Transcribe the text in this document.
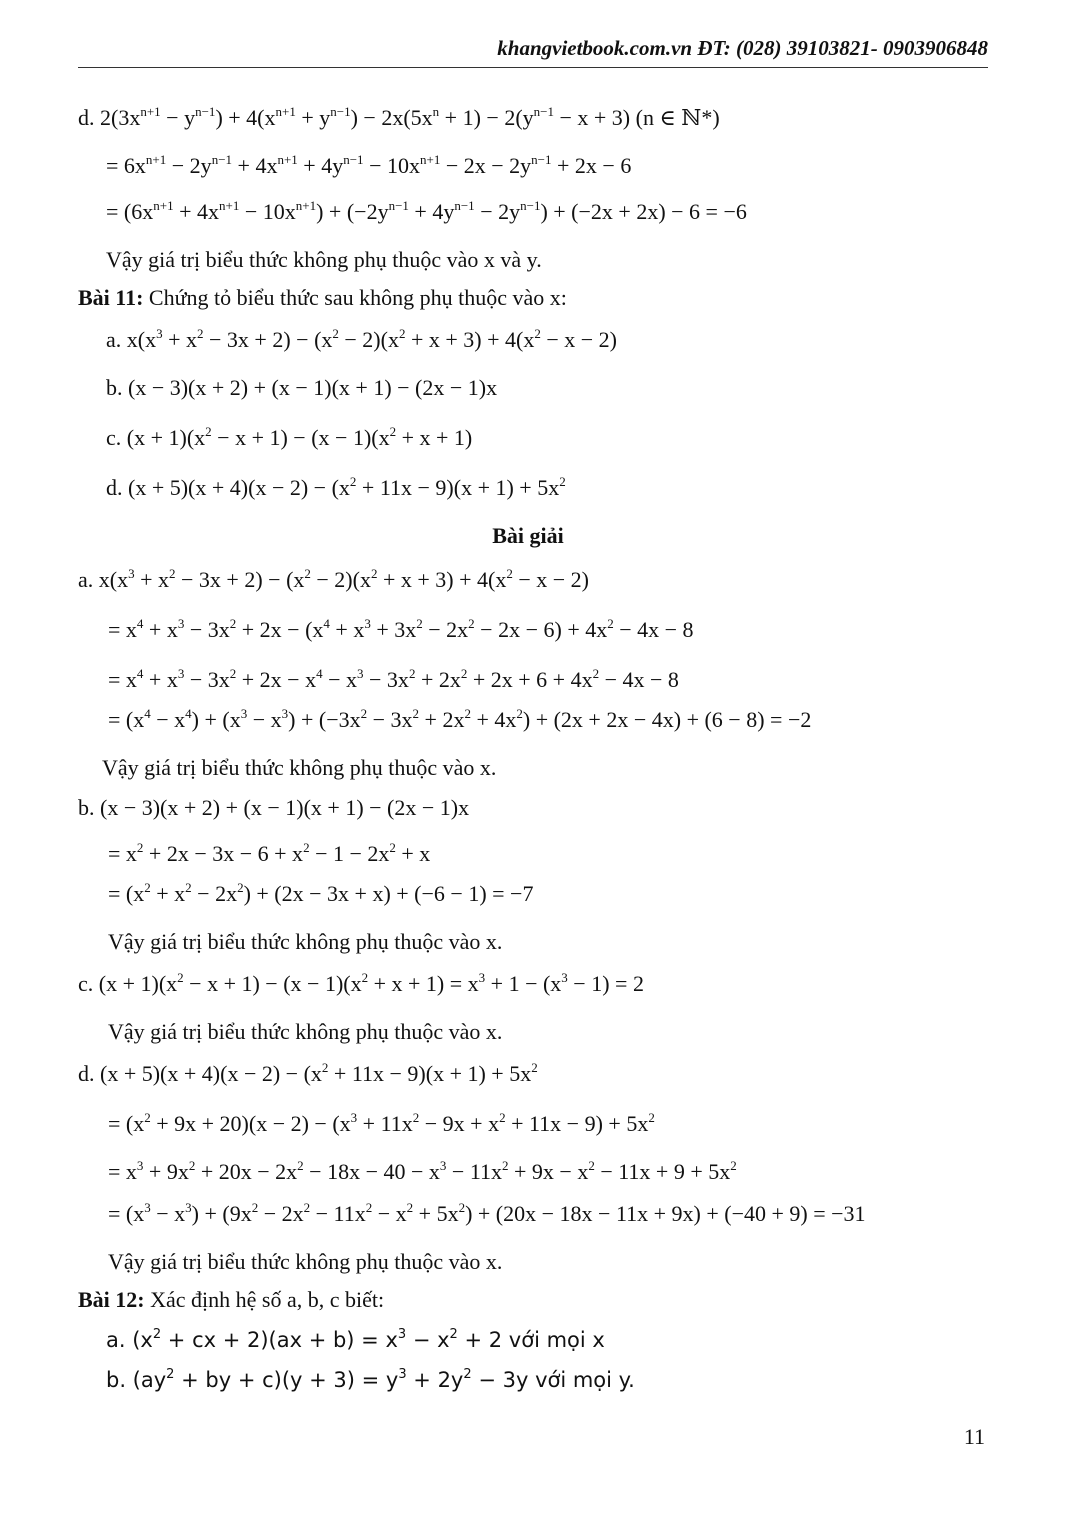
khangvietbook.com.vn ĐT: (028) 39103821- 0903906848
d. $2(3x^{n+1} - y^{n-1}) + 4(x^{n+1} + y^{n-1}) - 2x(5x^n + 1) - 2(y^{n-1} - x + 3)$ (n ∈ ℕ*)
= $6x^{n+1} - 2y^{n-1} + 4x^{n+1} + 4y^{n-1} - 10x^{n+1} - 2x - 2y^{n-1} + 2x - 6$
= $(6x^{n+1} + 4x^{n+1} - 10x^{n+1}) + (-2y^{n-1} + 4y^{n-1} - 2y^{n-1}) + (-2x + 2x) - 6 = -6$
Vậy giá trị biểu thức không phụ thuộc vào x và y.
Bài 11: Chứng tỏ biểu thức sau không phụ thuộc vào x:
a. $x(x^3 + x^2 - 3x + 2) - (x^2 - 2)(x^2 + x + 3) + 4(x^2 - x - 2)$
b. (x − 3)(x + 2) + (x − 1)(x + 1) − (2x − 1)x
c. $(x + 1)(x^2 - x + 1) - (x - 1)(x^2 + x + 1)$
d. $(x + 5)(x + 4)(x - 2) - (x^2 + 11x - 9)(x + 1) + 5x^2$
Bài giải
a. $x(x^3 + x^2 - 3x + 2) - (x^2 - 2)(x^2 + x + 3) + 4(x^2 - x - 2)$
= $x^4 + x^3 - 3x^2 + 2x - (x^4 + x^3 + 3x^2 - 2x^2 - 2x - 6) + 4x^2 - 4x - 8$
= $x^4 + x^3 - 3x^2 + 2x - x^4 - x^3 - 3x^2 + 2x^2 + 2x + 6 + 4x^2 - 4x - 8$
= $(x^4 - x^4) + (x^3 - x^3) + (-3x^2 - 3x^2 + 2x^2 + 4x^2) + (2x + 2x - 4x) + (6 - 8) = -2$
Vậy giá trị biểu thức không phụ thuộc vào x.
b. (x − 3)(x + 2) + (x − 1)(x + 1) − (2x − 1)x
= $x^2 + 2x - 3x - 6 + x^2 - 1 - 2x^2 + x$
= $(x^2 + x^2 - 2x^2) + (2x - 3x + x) + (-6 - 1) = -7$
Vậy giá trị biểu thức không phụ thuộc vào x.
c. $(x + 1)(x^2 - x + 1) - (x - 1)(x^2 + x + 1) = x^3 + 1 - (x^3 - 1) = 2$
Vậy giá trị biểu thức không phụ thuộc vào x.
d. $(x + 5)(x + 4)(x - 2) - (x^2 + 11x - 9)(x + 1) + 5x^2$
= $(x^2 + 9x + 20)(x - 2) - (x^3 + 11x^2 - 9x + x^2 + 11x - 9) + 5x^2$
= $x^3 + 9x^2 + 20x - 2x^2 - 18x - 40 - x^3 - 11x^2 + 9x - x^2 - 11x + 9 + 5x^2$
= $(x^3 - x^3) + (9x^2 - 2x^2 - 11x^2 - x^2 + 5x^2) + (20x - 18x - 11x + 9x) + (-40 + 9) = -31$
Vậy giá trị biểu thức không phụ thuộc vào x.
Bài 12: Xác định hệ số a, b, c biết:
a. ($x^2$ + cx + $2)(ax + b) = x^3 - x^2 + 2$ với mọi x
b. ($ay^2$ + by + $c)(y + 3) = y^3 + 2y^2 - 3y$ với mọi y.
11
